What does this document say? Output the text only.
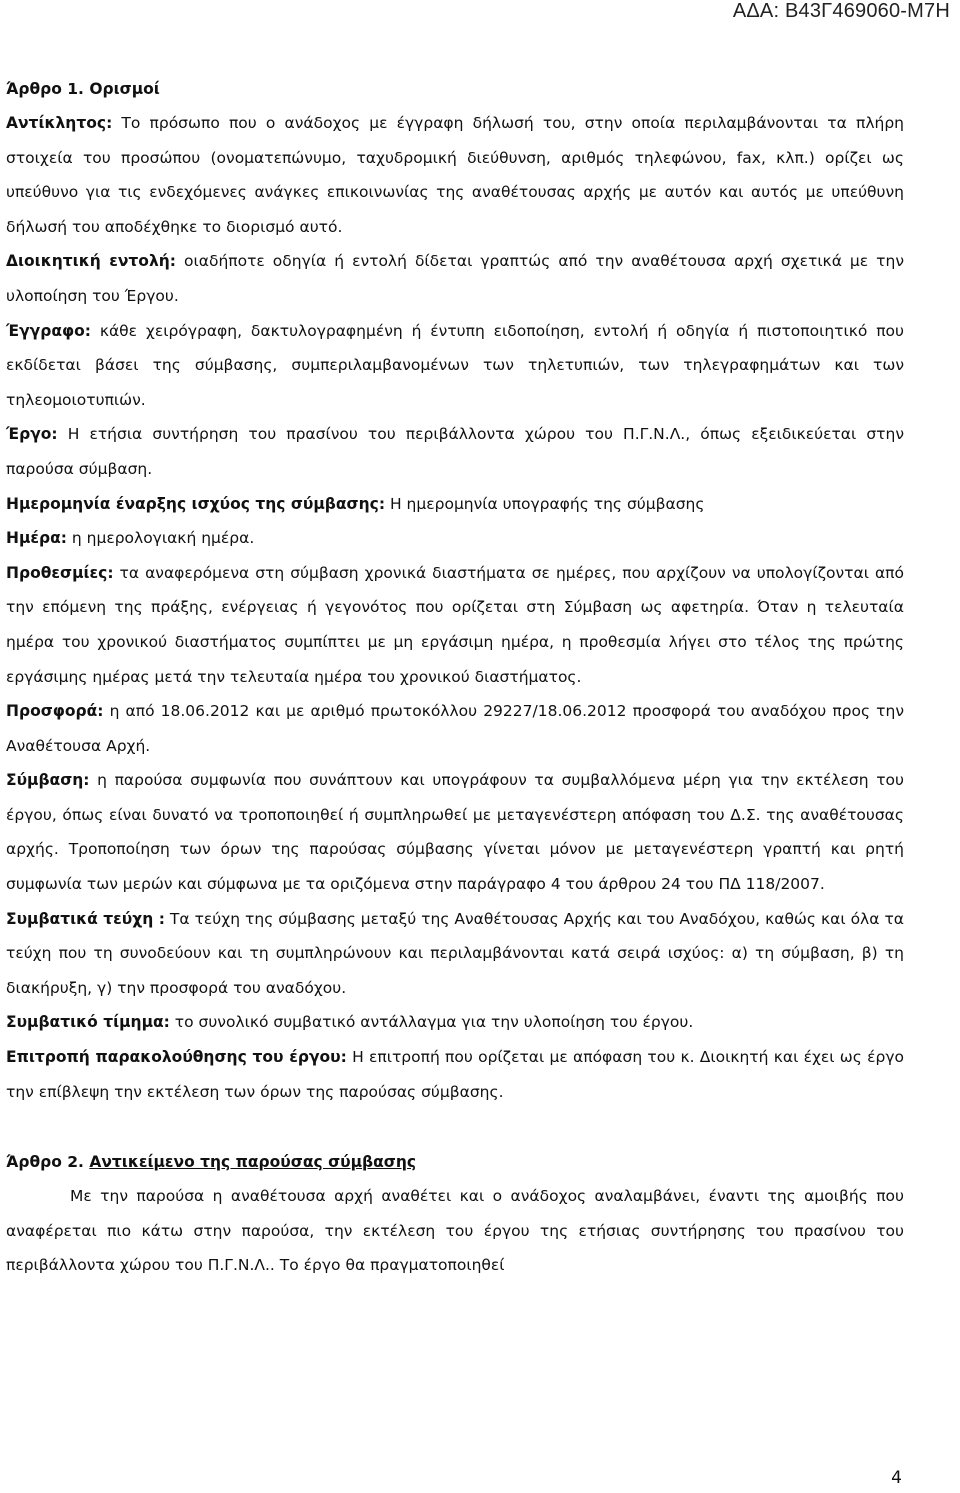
ΑΔΑ: Β43Γ469060-Μ7Η
Άρθρο 1. Ορισμοί

Αντίκλητος: Το πρόσωπο που ο ανάδοχος με έγγραφη δήλωσή του, στην οποία περιλαμβάνονται τα πλήρη στοιχεία του προσώπου (ονοματεπώνυμο, ταχυδρομική διεύθυνση, αριθμός τηλεφώνου, fax, κλπ.) ορίζει ως υπεύθυνο για τις ενδεχόμενες ανάγκες επικοινωνίας της αναθέτουσας αρχής με αυτόν και αυτός με υπεύθυνη δήλωσή του αποδέχθηκε το διορισμό αυτό.

Διοικητική εντολή: οιαδήποτε οδηγία ή εντολή δίδεται γραπτώς από την αναθέτουσα αρχή σχετικά με την υλοποίηση του Έργου.

Έγγραφο: κάθε χειρόγραφη, δακτυλογραφημένη ή έντυπη ειδοποίηση, εντολή ή οδηγία ή πιστοποιητικό που εκδίδεται βάσει της σύμβασης, συμπεριλαμβανομένων των τηλετυπιών, των τηλεγραφημάτων και των τηλεομοιοτυπιών.

Έργο: Η ετήσια συντήρηση του πρασίνου του περιβάλλοντα χώρου του Π.Γ.Ν.Λ., όπως εξειδικεύεται στην παρούσα σύμβαση.

Ημερομηνία έναρξης ισχύος της σύμβασης: Η ημερομηνία υπογραφής της σύμβασης

Ημέρα: η ημερολογιακή ημέρα.

Προθεσμίες: τα αναφερόμενα στη σύμβαση χρονικά διαστήματα σε ημέρες, που αρχίζουν να υπολογίζονται από την επόμενη της πράξης, ενέργειας ή γεγονότος που ορίζεται στη Σύμβαση ως αφετηρία. Όταν η τελευταία ημέρα του χρονικού διαστήματος συμπίπτει με μη εργάσιμη ημέρα, η προθεσμία λήγει στο τέλος της πρώτης εργάσιμης ημέρας μετά την τελευταία ημέρα του χρονικού διαστήματος.

Προσφορά: η από 18.06.2012 και με αριθμό πρωτοκόλλου 29227/18.06.2012 προσφορά του αναδόχου προς την Αναθέτουσα Αρχή.

Σύμβαση: η παρούσα συμφωνία που συνάπτουν και υπογράφουν τα συμβαλλόμενα μέρη για την εκτέλεση του έργου, όπως είναι δυνατό να τροποποιηθεί ή συμπληρωθεί με μεταγενέστερη απόφαση του Δ.Σ. της αναθέτουσας αρχής. Τροποποίηση των όρων της παρούσας σύμβασης γίνεται μόνον με μεταγενέστερη γραπτή και ρητή συμφωνία των μερών και σύμφωνα με τα οριζόμενα στην παράγραφο 4 του άρθρου 24 του ΠΔ 118/2007.

Συμβατικά τεύχη : Τα τεύχη της σύμβασης μεταξύ της Αναθέτουσας Αρχής και του Αναδόχου, καθώς και όλα τα τεύχη που τη συνοδεύουν και τη συμπληρώνουν και περιλαμβάνονται κατά σειρά ισχύος: α) τη σύμβαση, β) τη διακήρυξη, γ) την προσφορά του αναδόχου.

Συμβατικό τίμημα: το συνολικό συμβατικό αντάλλαγμα για την υλοποίηση του έργου.

Επιτροπή παρακολούθησης του έργου: Η επιτροπή που ορίζεται με απόφαση του κ. Διοικητή και έχει ως έργο την επίβλεψη την εκτέλεση των όρων της παρούσας σύμβασης.

Άρθρο 2. Αντικείμενο της παρούσας σύμβασης

Με την παρούσα η αναθέτουσα αρχή αναθέτει και ο ανάδοχος αναλαμβάνει, έναντι της αμοιβής που αναφέρεται πιο κάτω στην παρούσα, την εκτέλεση του έργου της ετήσιας συντήρησης του πρασίνου του περιβάλλοντα χώρου του Π.Γ.Ν.Λ.. Το έργο θα πραγματοποιηθεί

4
